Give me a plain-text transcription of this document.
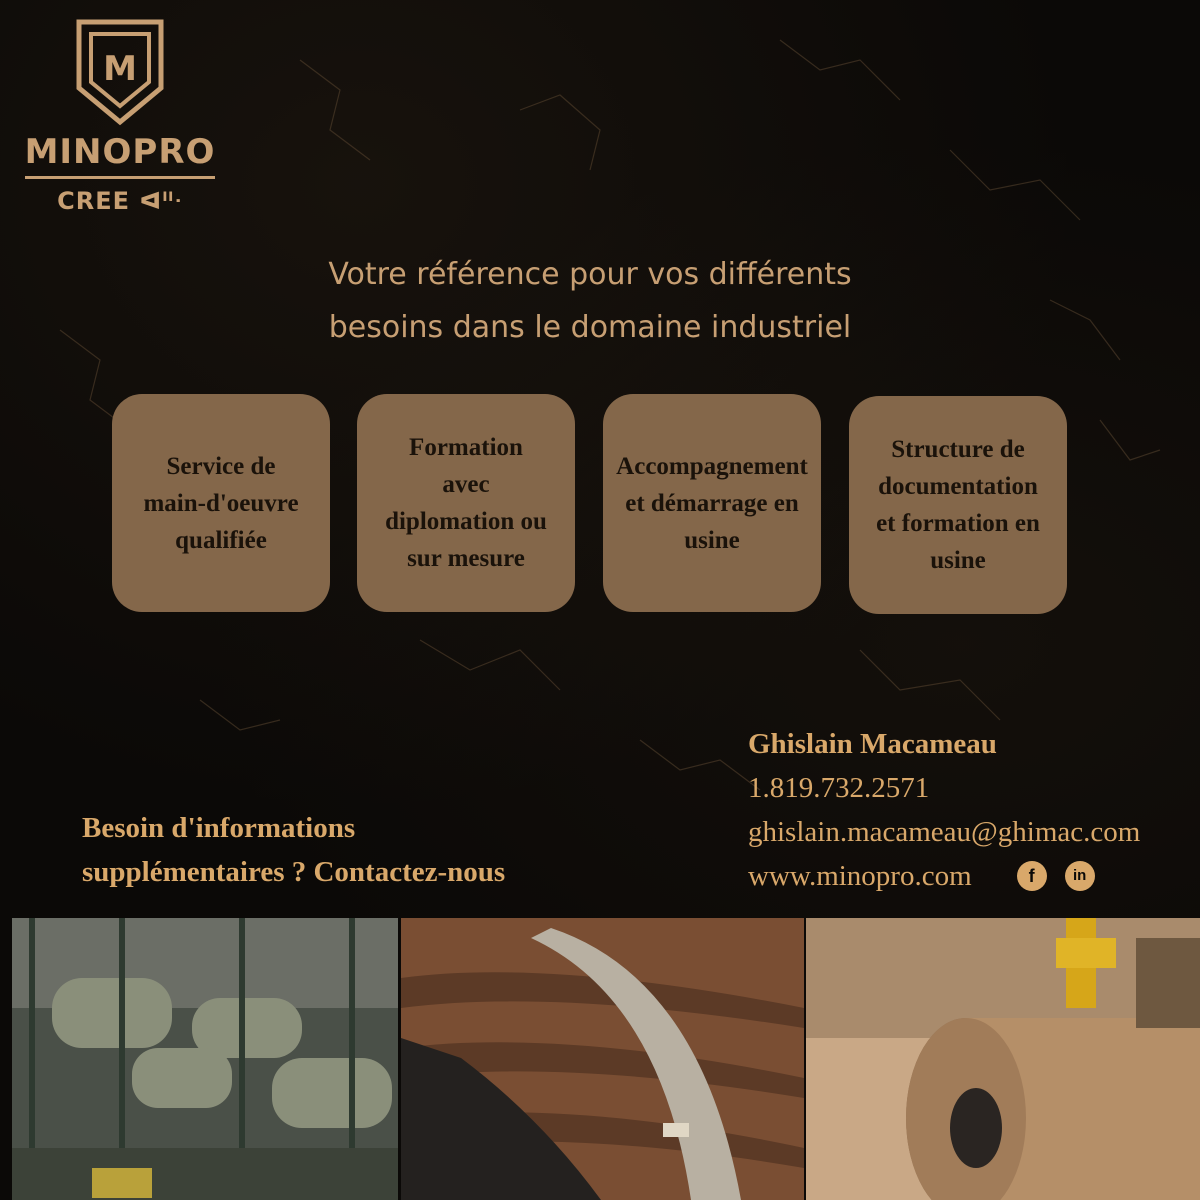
M
MINOPRO
CREE ᐊᐦᐧ
Votre référence pour vos différents
besoins dans le domaine industriel
Service de
main-d'oeuvre
qualifiée
Formation
avec
diplomation ou
sur mesure
Accompagnement
et démarrage en
usine
Structure de
documentation
et formation en
usine
Besoin d'informations
supplémentaires ? Contactez-nous
Ghislain Macameau
1.819.732.2571
ghislain.macameau@ghimac.com
www.minopro.com	f	in
